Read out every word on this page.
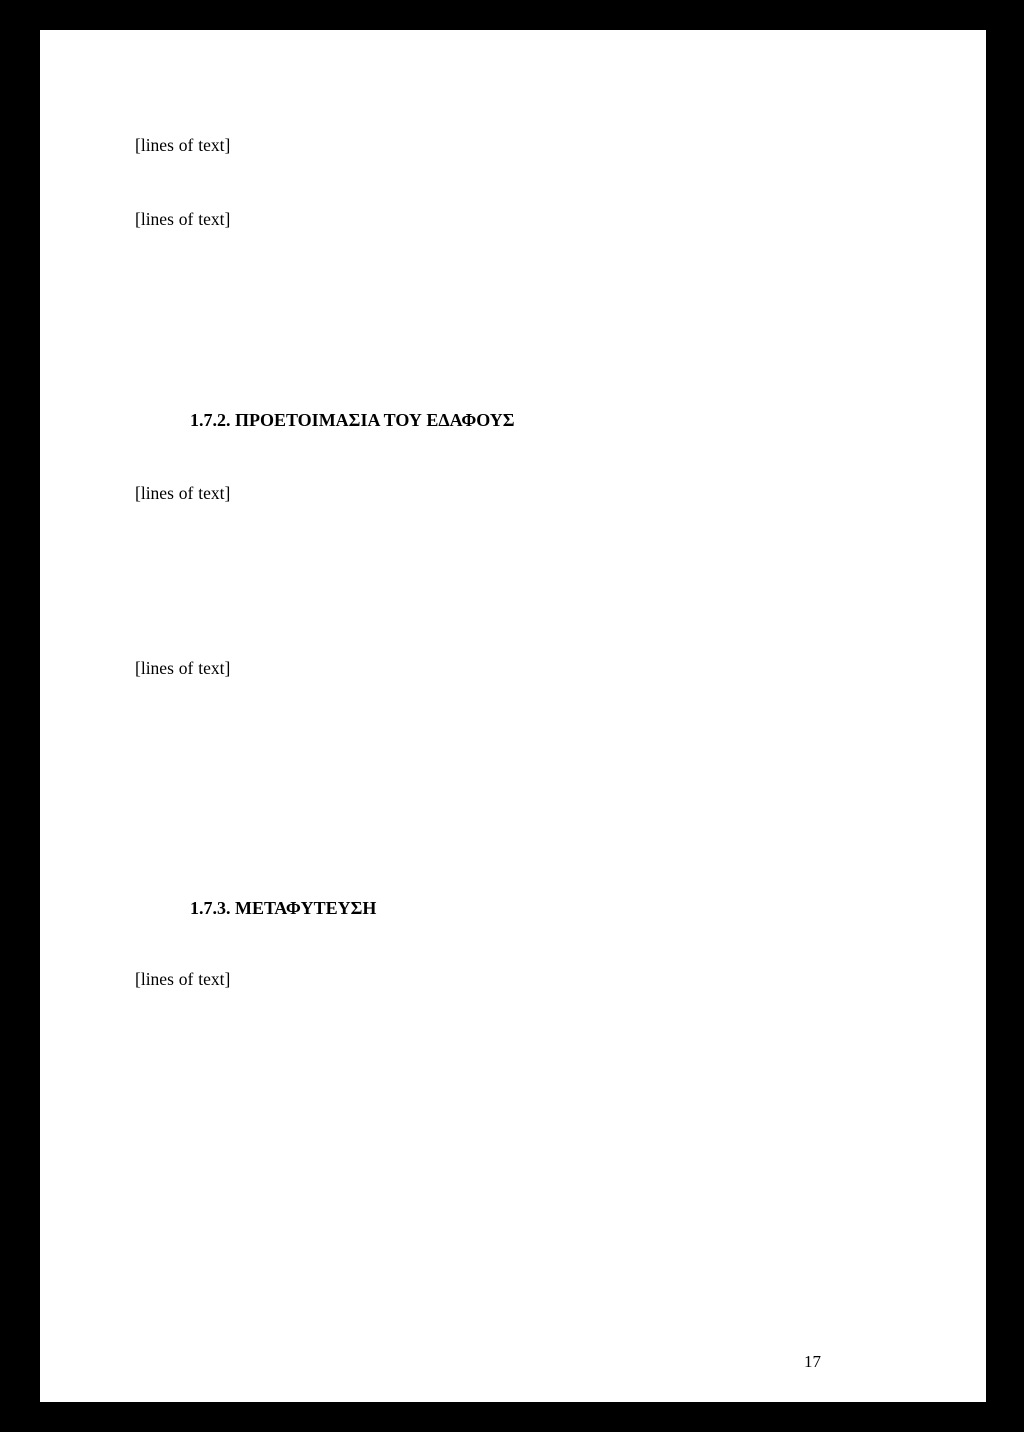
[lines of text]
[lines of text]
1.7.2. ΠΡΟΕΤΟΙΜΑΣΙΑ ΤΟΥ ΕΔΑΦΟΥΣ
[lines of text]
[lines of text]
1.7.3. ΜΕΤΑΦΥΤΕΥΣΗ
[lines of text]
17
